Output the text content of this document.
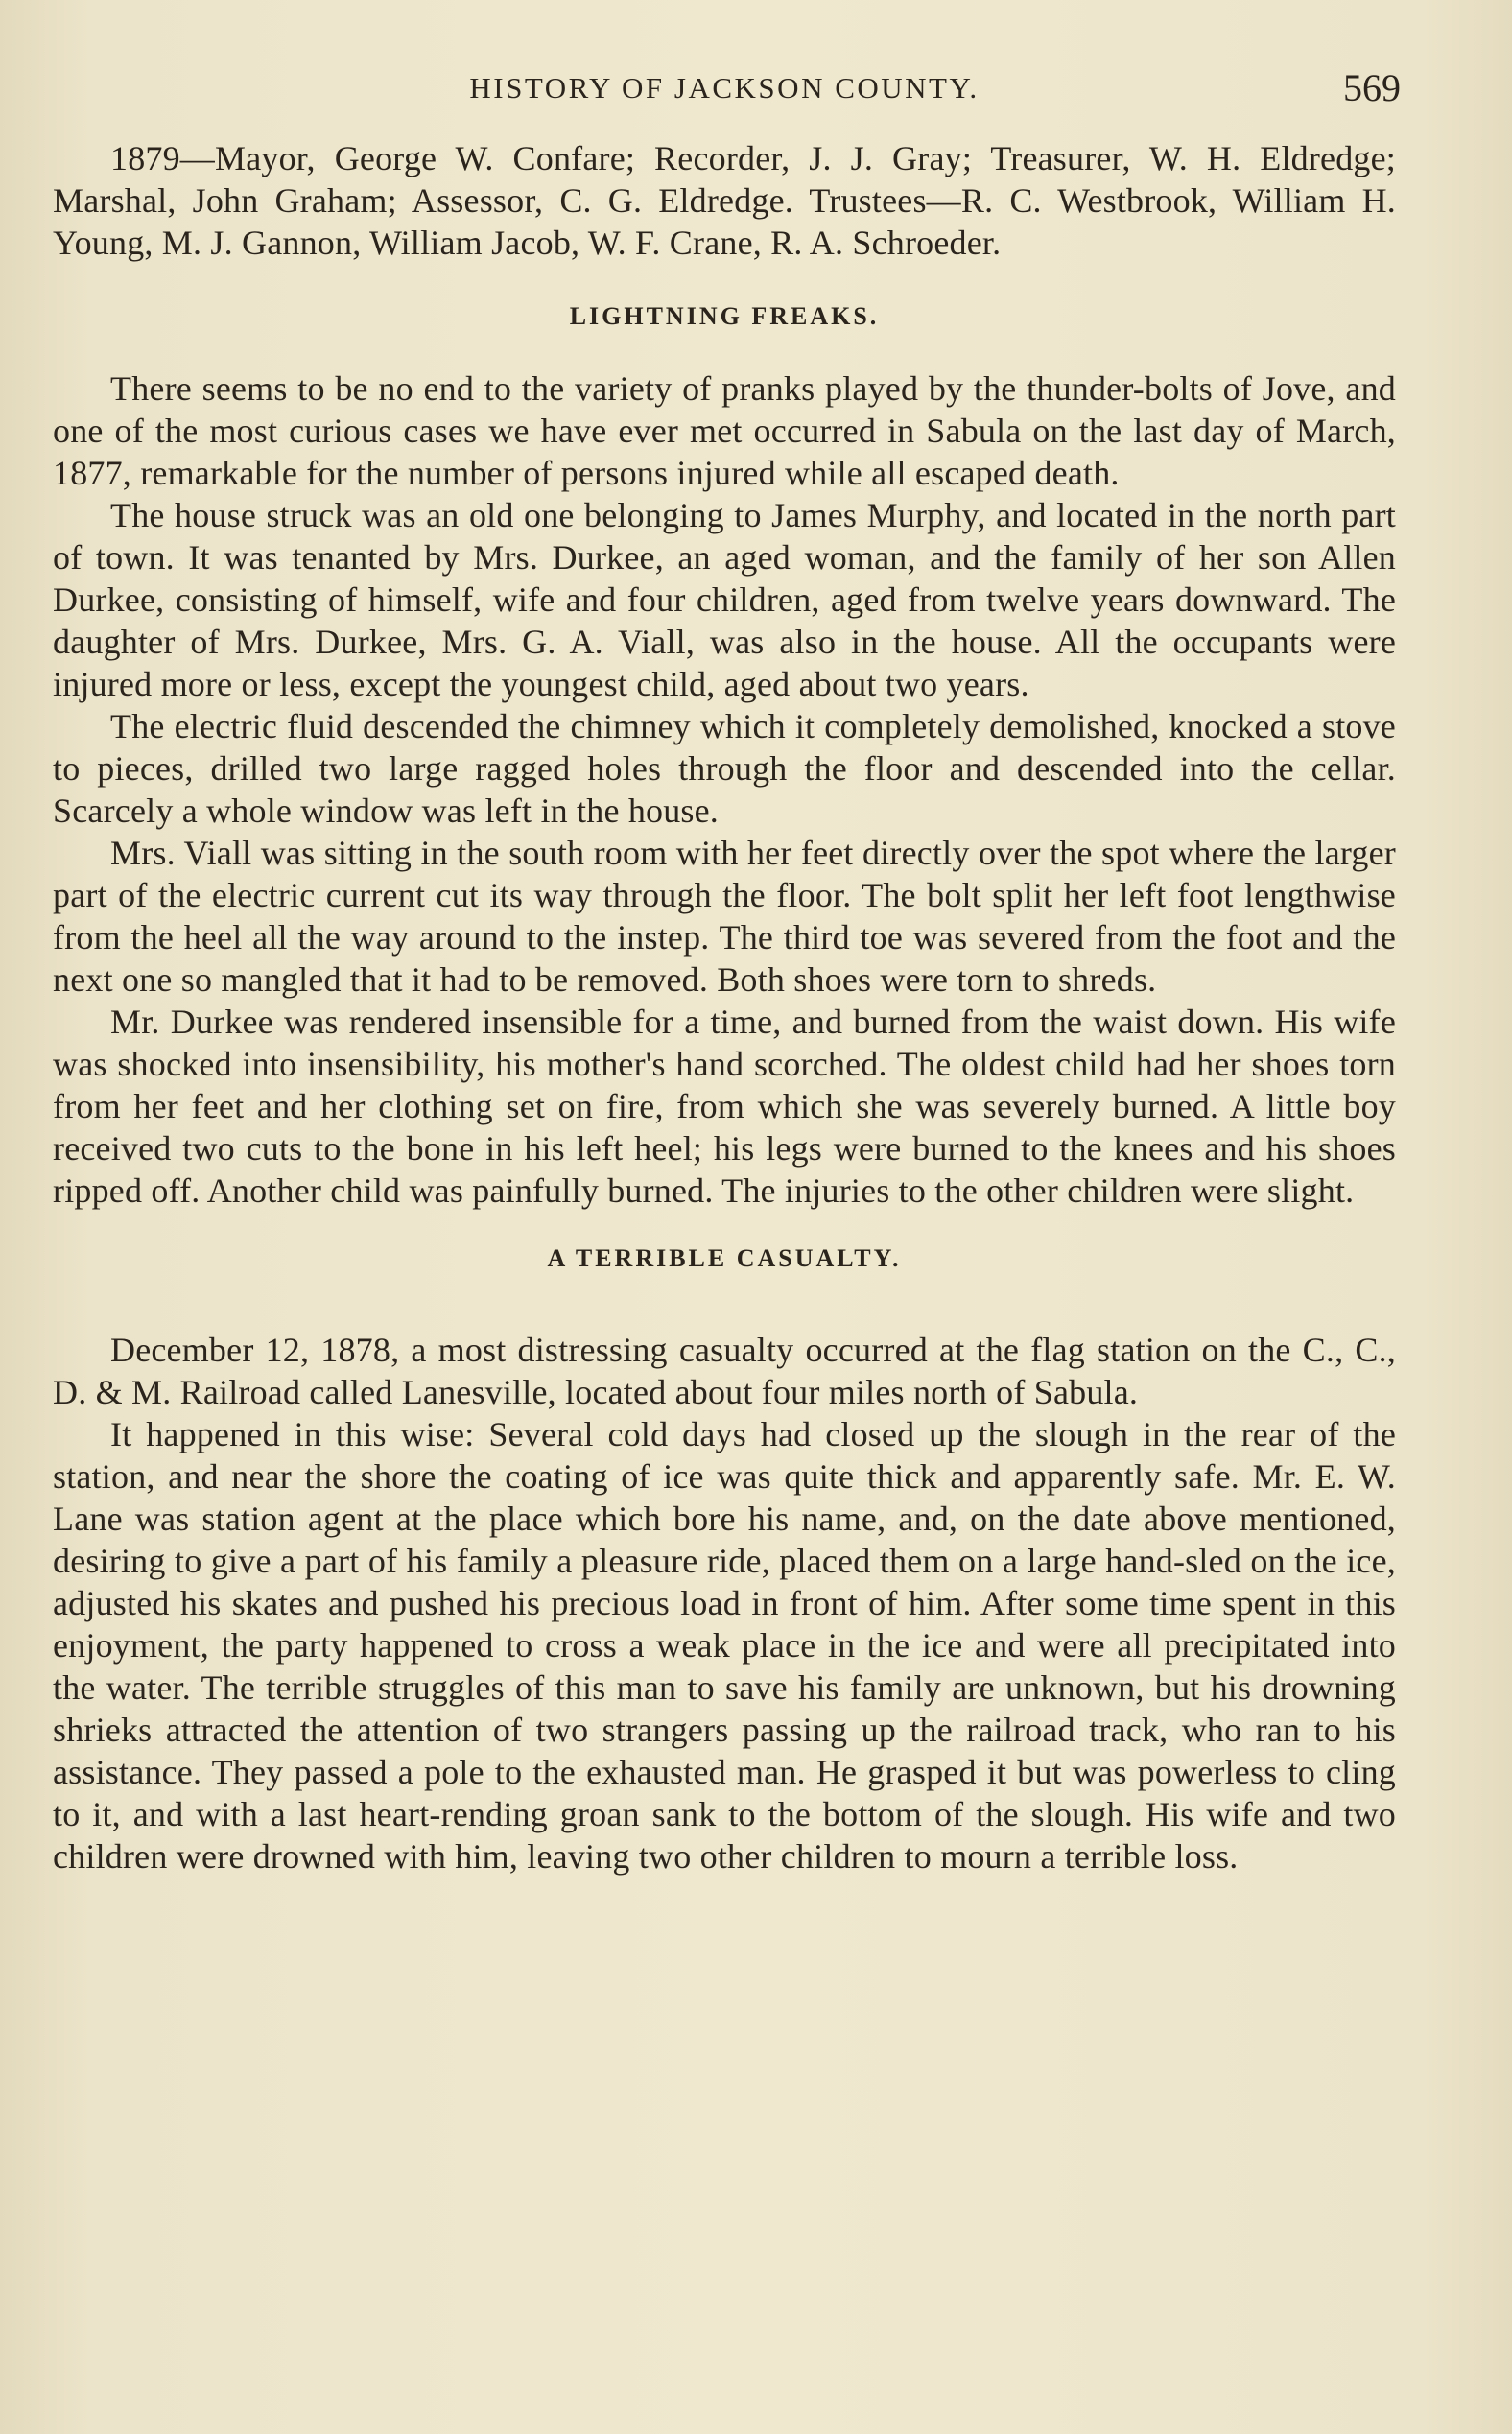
HISTORY OF JACKSON COUNTY.	569

1879—Mayor, George W. Confare; Recorder, J. J. Gray; Treasurer, W. H. Eldredge; Marshal, John Graham; Assessor, C. G. Eldredge. Trustees—R. C. Westbrook, William H. Young, M. J. Gannon, William Jacob, W. F. Crane, R. A. Schroeder.

LIGHTNING FREAKS.

There seems to be no end to the variety of pranks played by the thunder-bolts of Jove, and one of the most curious cases we have ever met occurred in Sabula on the last day of March, 1877, remarkable for the number of persons injured while all escaped death.

The house struck was an old one belonging to James Murphy, and located in the north part of town. It was tenanted by Mrs. Durkee, an aged woman, and the family of her son Allen Durkee, consisting of himself, wife and four children, aged from twelve years downward. The daughter of Mrs. Durkee, Mrs. G. A. Viall, was also in the house. All the occupants were injured more or less, except the youngest child, aged about two years.

The electric fluid descended the chimney which it completely demolished, knocked a stove to pieces, drilled two large ragged holes through the floor and descended into the cellar. Scarcely a whole window was left in the house.

Mrs. Viall was sitting in the south room with her feet directly over the spot where the larger part of the electric current cut its way through the floor. The bolt split her left foot lengthwise from the heel all the way around to the instep. The third toe was severed from the foot and the next one so mangled that it had to be removed. Both shoes were torn to shreds.

Mr. Durkee was rendered insensible for a time, and burned from the waist down. His wife was shocked into insensibility, his mother's hand scorched. The oldest child had her shoes torn from her feet and her clothing set on fire, from which she was severely burned. A little boy received two cuts to the bone in his left heel; his legs were burned to the knees and his shoes ripped off. Another child was painfully burned. The injuries to the other children were slight.

A TERRIBLE CASUALTY.

December 12, 1878, a most distressing casualty occurred at the flag station on the C., C., D. & M. Railroad called Lanesville, located about four miles north of Sabula.

It happened in this wise: Several cold days had closed up the slough in the rear of the station, and near the shore the coating of ice was quite thick and apparently safe. Mr. E. W. Lane was station agent at the place which bore his name, and, on the date above mentioned, desiring to give a part of his family a pleasure ride, placed them on a large hand-sled on the ice, adjusted his skates and pushed his precious load in front of him. After some time spent in this enjoyment, the party happened to cross a weak place in the ice and were all precipitated into the water. The terrible struggles of this man to save his family are unknown, but his drowning shrieks attracted the attention of two strangers passing up the railroad track, who ran to his assistance. They passed a pole to the exhausted man. He grasped it but was powerless to cling to it, and with a last heart-rending groan sank to the bottom of the slough. His wife and two children were drowned with him, leaving two other children to mourn a terrible loss.
